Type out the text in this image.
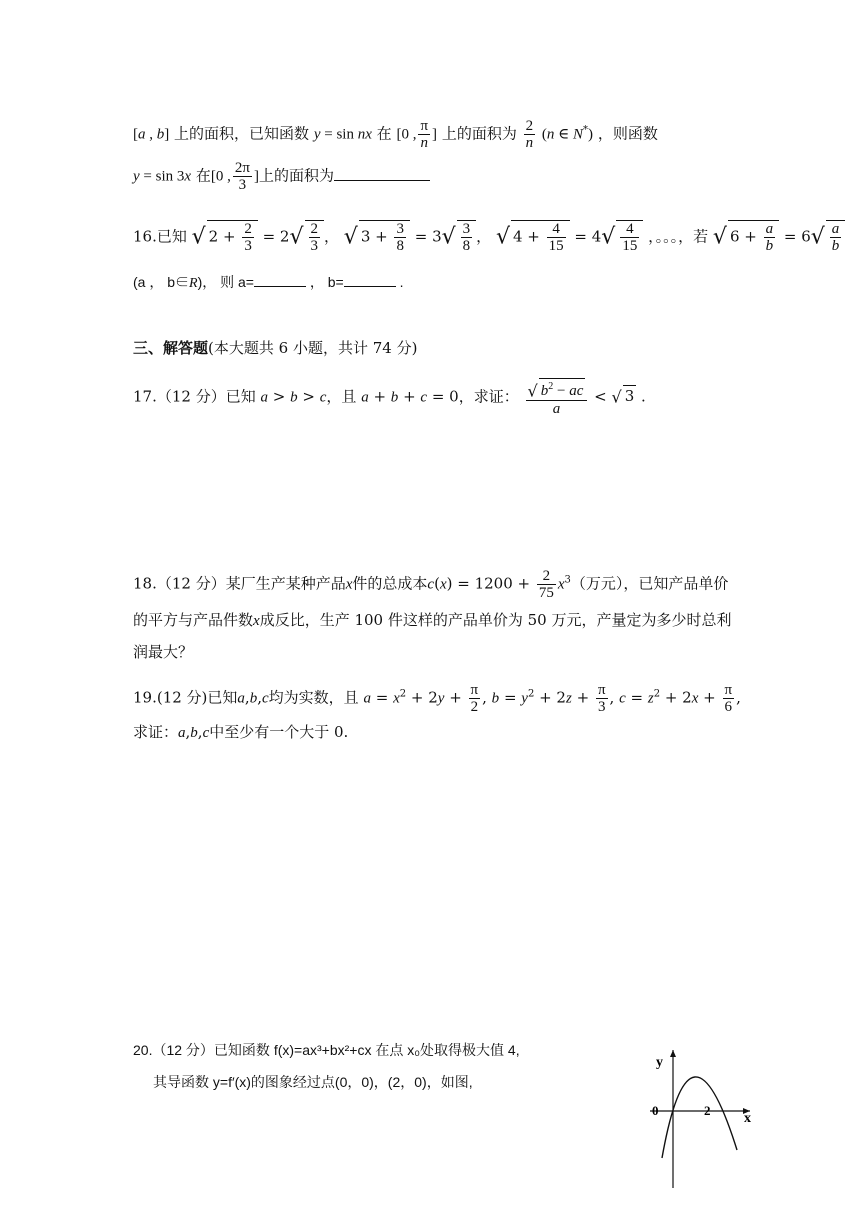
[a , b] 上的面积，已知函数 y = sin nx 在 [0 , $\frac{\pi}{n}$ ] 上的面积为 $\frac{2}{n} (n$ ∈ N*) ，则函数
y = sin 3x 在[0 , $\frac{2\pi}{3}$ ]上的面积为
16.已知 √ $2 + \frac{2}{3} = 2√ \frac{2}{3}$ ， √ $3 + \frac{3}{8} = 3√ \frac{3}{8}$ ， √ $4 + \frac{4}{15} = 4√ \frac{4}{15}$ ，。。。，若 √ $6 + \frac{a}{b} = 6√ \frac{a}{b}$
(a ， b∈R)， 则 a=	， b=	.
三、解答题(本大题共 6 小题，共计 74 分)
17.（12 分）已知 a > b > c，且 a + b + c = 0，求证： $\frac{√ b^2 - ac}{a}$ < √ 3 .
18.（12 分）某厂生产某种产品x件的总成本$c(x) = 1200 + \frac{2}{75} x^3$（万元），已知产品单价
的平方与产品件数x成反比，生产 100 件这样的产品单价为 50 万元，产量定为多少时总利
润最大？
19.(12 分)已知a,b,c均为实数，且 $a = x^2 + 2y + \frac{\pi}{2}$ , $b = y^2 + 2z + \frac{\pi}{3}$ , $c = z^2 + 2x + \frac{\pi}{6}$ ,
求证：a,b,c中至少有一个大于 0.
20.（12 分）已知函数 f(x)=ax³+bx²+cx 在点 x₀处取得极大值 4,
其导函数 y=f′(x)的图象经过点(0，0)，(2，0)，如图,
y
x
0	2
